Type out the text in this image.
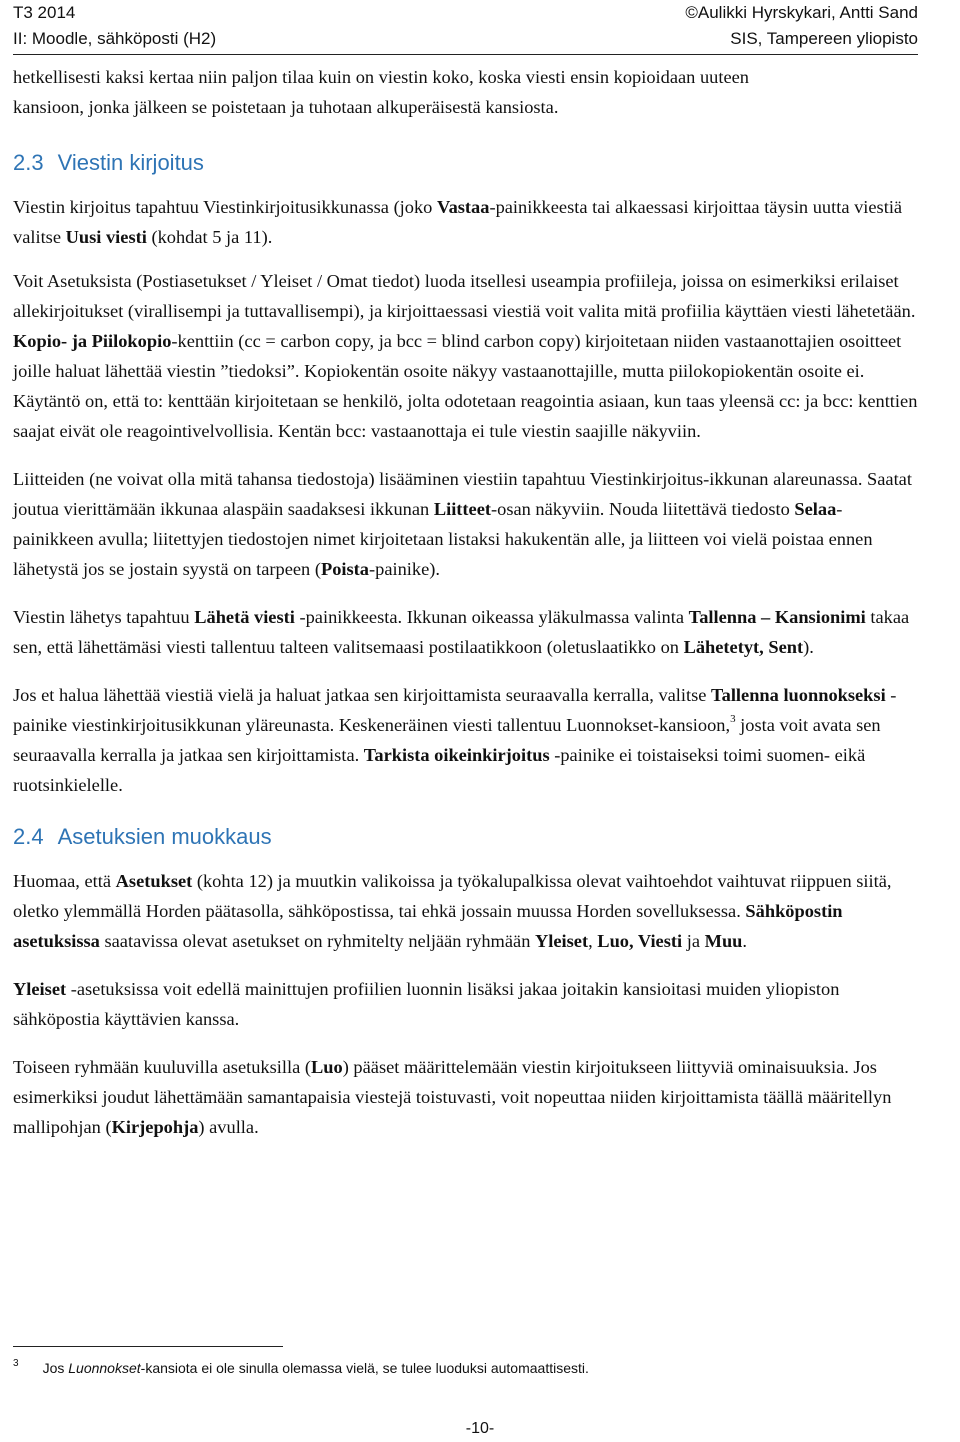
T3 2014
II: Moodle, sähköposti (H2)
©Aulikki Hyrskykari, Antti Sand
SIS, Tampereen yliopisto

hetkellisesti kaksi kertaa niin paljon tilaa kuin on viestin koko, koska viesti ensin kopioidaan uuteen
kansioon, jonka jälkeen se poistetaan ja tuhotaan alkuperäisestä kansiosta.

2.3 Viestin kirjoitus

Viestin kirjoitus tapahtuu Viestinkirjoitusikkunassa (joko Vastaa-painikkeesta tai alkaessasi kirjoittaa täysin uutta viestiä valitse Uusi viesti (kohdat 5 ja 11).

Voit Asetuksista (Postiasetukset / Yleiset / Omat tiedot) luoda itsellesi useampia profiileja, joissa on esimerkiksi erilaiset allekirjoitukset (virallisempi ja tuttavallisempi), ja kirjoittaessasi viestiä voit valita mitä profiilia käyttäen viesti lähetetään. Kopio- ja Piilokopio-kenttiin (cc = carbon copy, ja bcc = blind carbon copy) kirjoitetaan niiden vastaanottajien osoitteet joille haluat lähettää viestin ”tiedoksi”. Kopiokentän osoite näkyy vastaanottajille, mutta piilokopiokentän osoite ei. Käytäntö on, että to: kenttään kirjoitetaan se henkilö, jolta odotetaan reagointia asiaan, kun taas yleensä cc: ja bcc: kenttien saajat eivät ole reagointivelvollisia. Kentän bcc: vastaanottaja ei tule viestin saajille näkyviin.

Liitteiden (ne voivat olla mitä tahansa tiedostoja) lisääminen viestiin tapahtuu Viestinkirjoitus-ikkunan alareunassa. Saatat joutua vierittämään ikkunaa alaspäin saadaksesi ikkunan Liitteet-osan näkyviin. Nouda liitettävä tiedosto Selaa-painikkeen avulla; liitettyjen tiedostojen nimet kirjoitetaan listaksi hakukentän alle, ja liitteen voi vielä poistaa ennen lähetystä jos se jostain syystä on tarpeen (Poista-painike).

Viestin lähetys tapahtuu Lähetä viesti -painikkeesta. Ikkunan oikeassa yläkulmassa valinta Tallenna – Kansionimi takaa sen, että lähettämäsi viesti tallentuu talteen valitsemaasi postilaatikkoon (oletuslaatikko on Lähetetyt, Sent).

Jos et halua lähettää viestiä vielä ja haluat jatkaa sen kirjoittamista seuraavalla kerralla, valitse Tallenna luonnokseksi -painike viestinkirjoitusikkunan yläreunasta. Keskeneräinen viesti tallentuu Luonnokset-kansioon,$^3$ josta voit avata sen seuraavalla kerralla ja jatkaa sen kirjoittamista. Tarkista oikeinkirjoitus -painike ei toistaiseksi toimi suomen- eikä ruotsinkielelle.

2.4 Asetuksien muokkaus

Huomaa, että Asetukset (kohta 12) ja muutkin valikoissa ja työkalupalkissa olevat vaihtoehdot vaihtuvat riippuen siitä, oletko ylemmällä Horden päätasolla, sähköpostissa, tai ehkä jossain muussa Horden sovelluksessa. Sähköpostin asetuksissa saatavissa olevat asetukset on ryhmitelty neljään ryhmään Yleiset, Luo, Viesti ja Muu.

Yleiset -asetuksissa voit edellä mainittujen profiilien luonnin lisäksi jakaa joitakin kansioitasi muiden yliopiston sähköpostia käyttävien kanssa.

Toiseen ryhmään kuuluvilla asetuksilla (Luo) pääset määrittelemään viestin kirjoitukseen liittyviä ominaisuuksia. Jos esimerkiksi joudut lähettämään samantapaisia viestejä toistuvasti, voit nopeuttaa niiden kirjoittamista täällä määritellyn mallipohjan (Kirjepohja) avulla.

$^3$ Jos Luonnokset-kansiota ei ole sinulla olemassa vielä, se tulee luoduksi automaattisesti.
-10-
